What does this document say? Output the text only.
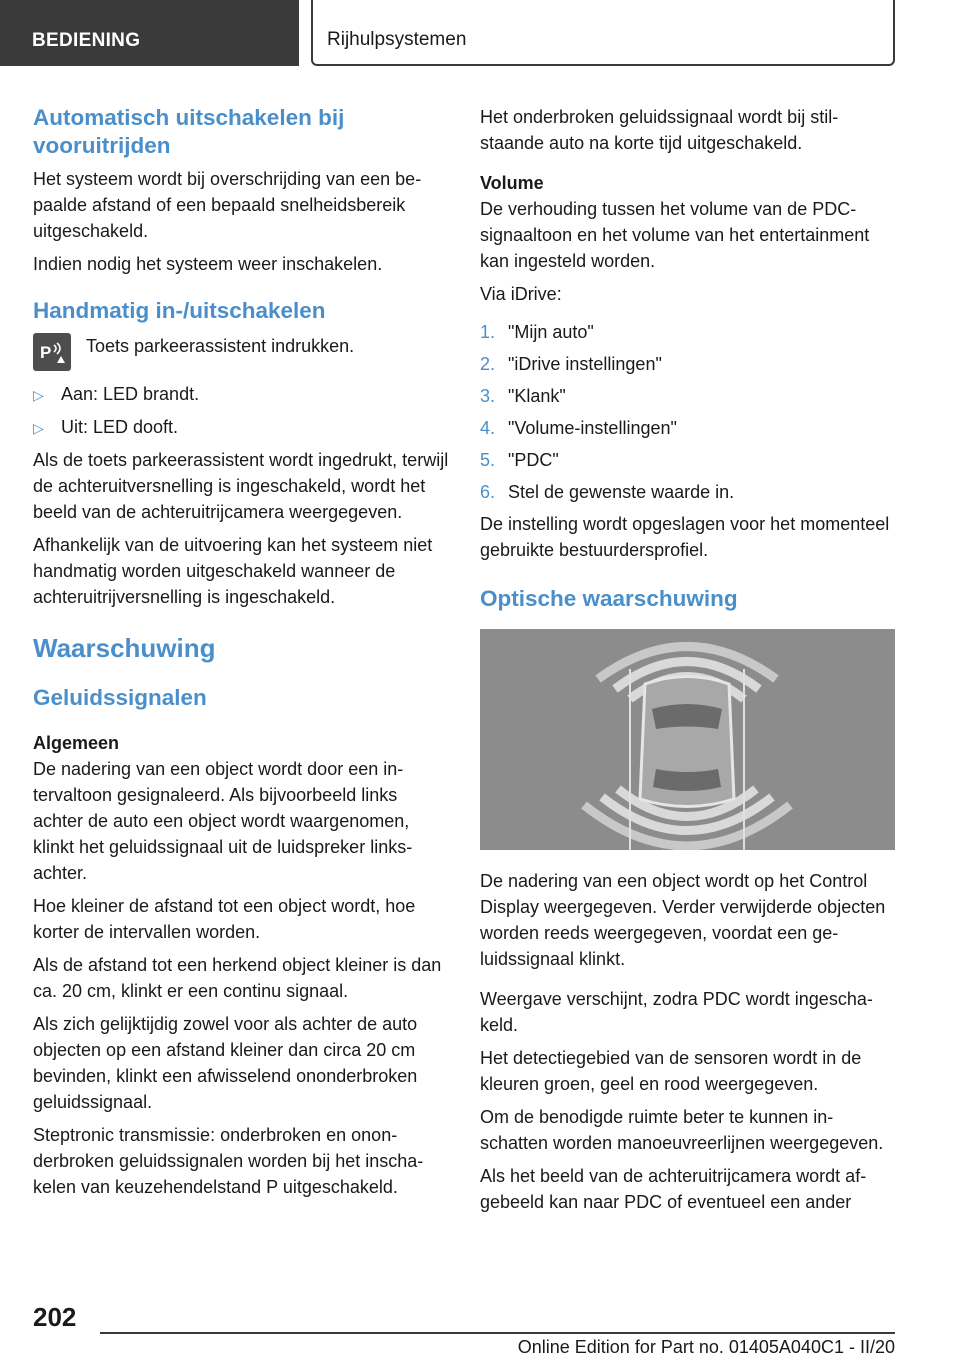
BEDIENING	Rijhulpsystemen
Automatisch uitschakelen bij vooruitrijden

Het systeem wordt bij overschrijding van een bepaalde afstand of een bepaald snelheidsbereik uitgeschakeld.

Indien nodig het systeem weer inschakelen.

Handmatig in-/uitschakelen
P Toets parkeerassistent indrukken.
▷ Aan: LED brandt.
▷ Uit: LED dooft.

Als de toets parkeerassistent wordt ingedrukt, terwijl de achteruitversnelling is ingeschakeld, wordt het beeld van de achteruitrijcamera weergegeven.

Afhankelijk van de uitvoering kan het systeem niet handmatig worden uitgeschakeld wanneer de achteruitrijversnelling is ingeschakeld.

Waarschuwing
Geluidssignalen
Algemeen

De nadering van een object wordt door een intervaltoon gesignaleerd. Als bijvoorbeeld links achter de auto een object wordt waargenomen, klinkt het geluidssignaal uit de luidspreker linksachter.

Hoe kleiner de afstand tot een object wordt, hoe korter de intervallen worden.

Als de afstand tot een herkend object kleiner is dan ca. 20 cm, klinkt er een continu signaal.

Als zich gelijktijdig zowel voor als achter de auto objecten op een afstand kleiner dan circa 20 cm bevinden, klinkt een afwisselend ononderbroken geluidssignaal.

Steptronic transmissie: onderbroken en ononderbroken geluidssignalen worden bij het inschakelen van keuzehendelstand P uitgeschakeld.

Het onderbroken geluidssignaal wordt bij stilstaande auto na korte tijd uitgeschakeld.

Volume

De verhouding tussen het volume van de PDC-signaaltoon en het volume van het entertainment kan ingesteld worden.

Via iDrive:

1. "Mijn auto"
2. "iDrive instellingen"
3. "Klank"
4. "Volume-instellingen"
5. "PDC"
6. Stel de gewenste waarde in.

De instelling wordt opgeslagen voor het momenteel gebruikte bestuurdersprofiel.

Optische waarschuwing

De nadering van een object wordt op het Control Display weergegeven. Verder verwijderde objecten worden reeds weergegeven, voordat een geluidssignaal klinkt.

Weergave verschijnt, zodra PDC wordt ingeschakeld.

Het detectiegebied van de sensoren wordt in de kleuren groen, geel en rood weergegeven.

Om de benodigde ruimte beter te kunnen inschatten worden manoeuvreerlijnen weergegeven.

Als het beeld van de achteruitrijcamera wordt afgebeeld kan naar PDC of eventueel een ander

202
Online Edition for Part no. 01405A040C1 - II/20
